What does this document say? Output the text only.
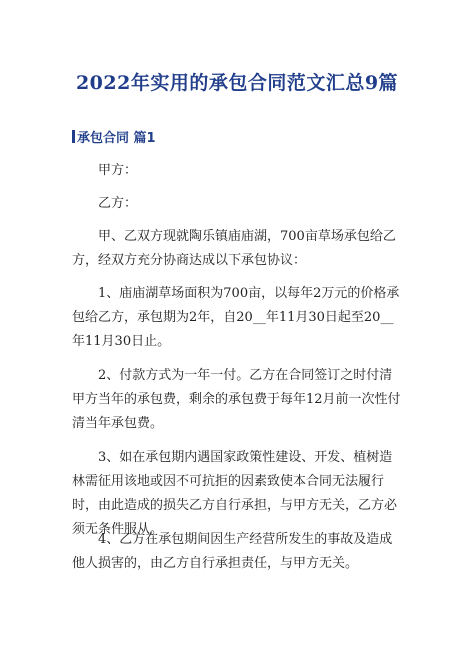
2022年实用的承包合同范文汇总9篇
承包合同 篇1
甲方：
乙方：
甲、乙双方现就陶乐镇庙庙湖，700亩草场承包给乙方，经双方充分协商达成以下承包协议：
1、庙庙湖草场面积为700亩，以每年2万元的价格承包给乙方，承包期为2年，自20__年11月30日起至20__年11月30日止。
2、付款方式为一年一付。乙方在合同签订之时付清甲方当年的承包费，剩余的承包费于每年12月前一次性付清当年承包费。
3、如在承包期内遇国家政策性建设、开发、植树造林需征用该地或因不可抗拒的因素致使本合同无法履行时，由此造成的损失乙方自行承担，与甲方无关，乙方必须无条件服从。
4、乙方在承包期间因生产经营所发生的事故及造成他人损害的，由乙方自行承担责任，与甲方无关。
